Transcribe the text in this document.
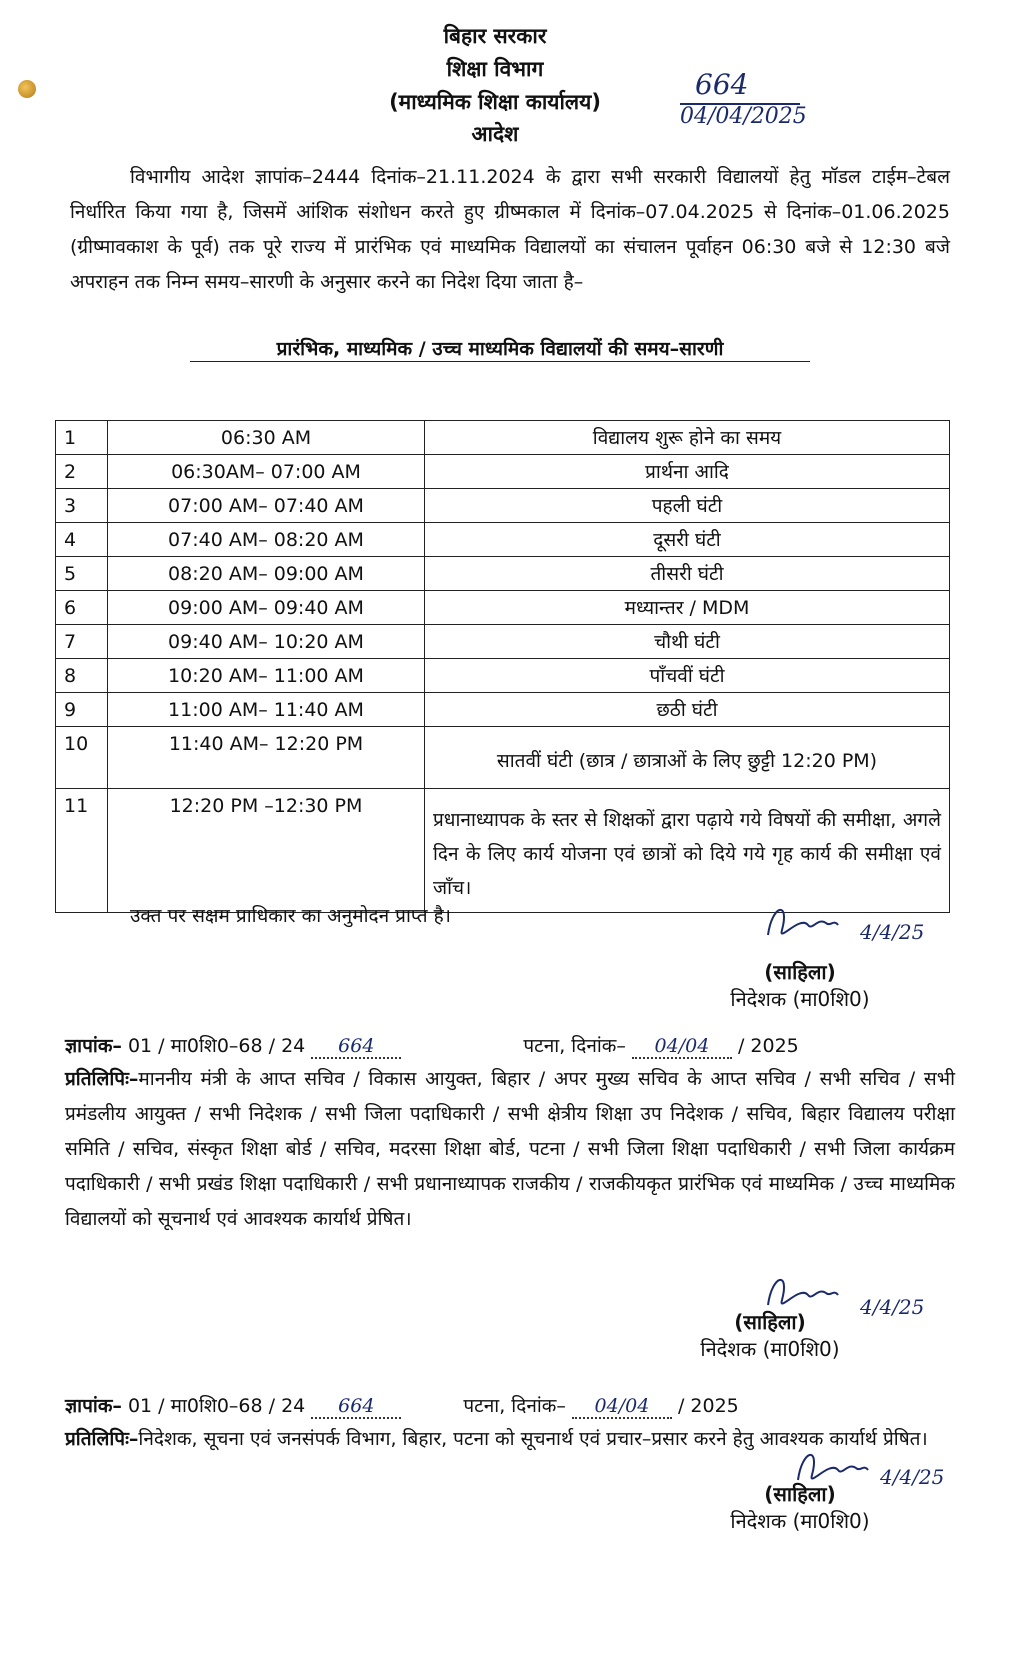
बिहार सरकार
शिक्षा विभाग
(माध्यमिक शिक्षा कार्यालय)
आदेश
664
04/04/2025
विभागीय आदेश ज्ञापांक–2444 दिनांक–21.11.2024 के द्वारा सभी सरकारी विद्यालयों हेतु मॉडल टाईम–टेबल निर्धारित किया गया है, जिसमें आंशिक संशोधन करते हुए ग्रीष्मकाल में दिनांक–07.04.2025 से दिनांक–01.06.2025 (ग्रीष्मावकाश के पूर्व) तक पूरे राज्य में प्रारंभिक एवं माध्यमिक विद्यालयों का संचालन पूर्वाहन 06:30 बजे से 12:30 बजे अपराहन तक निम्न समय–सारणी के अनुसार करने का निदेश दिया जाता है–
प्रारंभिक, माध्यमिक / उच्च माध्यमिक विद्यालयों की समय–सारणी
1	06:30 AM	विद्यालय शुरू होने का समय
2	06:30AM– 07:00 AM	प्रार्थना आदि
3	07:00 AM– 07:40 AM	पहली घंटी
4	07:40 AM– 08:20 AM	दूसरी घंटी
5	08:20 AM– 09:00 AM	तीसरी घंटी
6	09:00 AM– 09:40 AM	मध्यान्तर / MDM
7	09:40 AM– 10:20 AM	चौथी घंटी
8	10:20 AM– 11:00 AM	पाँचवीं घंटी
9	11:00 AM– 11:40 AM	छठी घंटी
10	11:40 AM– 12:20 PM	सातवीं घंटी (छात्र / छात्राओं के लिए छुट्टी 12:20 PM)
11	12:20 PM –12:30 PM	प्रधानाध्यापक के स्तर से शिक्षकों द्वारा पढ़ाये गये विषयों की समीक्षा, अगले दिन के लिए कार्य योजना एवं छात्रों को दिये गये गृह कार्य की समीक्षा एवं जाँच।
उक्त पर सक्षम प्राधिकार का अनुमोदन प्राप्त है।
4/4/25
(साहिला)
निदेशक (मा0शि0)
ज्ञापांक– 01 / मा0शि0–68 / 24 664	पटना, दिनांक– 04/04 / 2025
प्रतिलिपिः–माननीय मंत्री के आप्त सचिव / विकास आयुक्त, बिहार / अपर मुख्य सचिव के आप्त सचिव / सभी सचिव / सभी प्रमंडलीय आयुक्त / सभी निदेशक / सभी जिला पदाधिकारी / सभी क्षेत्रीय शिक्षा उप निदेशक / सचिव, बिहार विद्यालय परीक्षा समिति / सचिव, संस्कृत शिक्षा बोर्ड / सचिव, मदरसा शिक्षा बोर्ड, पटना / सभी जिला शिक्षा पदाधिकारी / सभी जिला कार्यक्रम पदाधिकारी / सभी प्रखंड शिक्षा पदाधिकारी / सभी प्रधानाध्यापक राजकीय / राजकीयकृत प्रारंभिक एवं माध्यमिक / उच्च माध्यमिक विद्यालयों को सूचनार्थ एवं आवश्यक कार्यार्थ प्रेषित।
4/4/25
(साहिला)
निदेशक (मा0शि0)
ज्ञापांक– 01 / मा0शि0–68 / 24 664	पटना, दिनांक– 04/04 / 2025
प्रतिलिपिः–निदेशक, सूचना एवं जनसंपर्क विभाग, बिहार, पटना को सूचनार्थ एवं प्रचार–प्रसार करने हेतु आवश्यक कार्यार्थ प्रेषित।
4/4/25
(साहिला)
निदेशक (मा0शि0)
